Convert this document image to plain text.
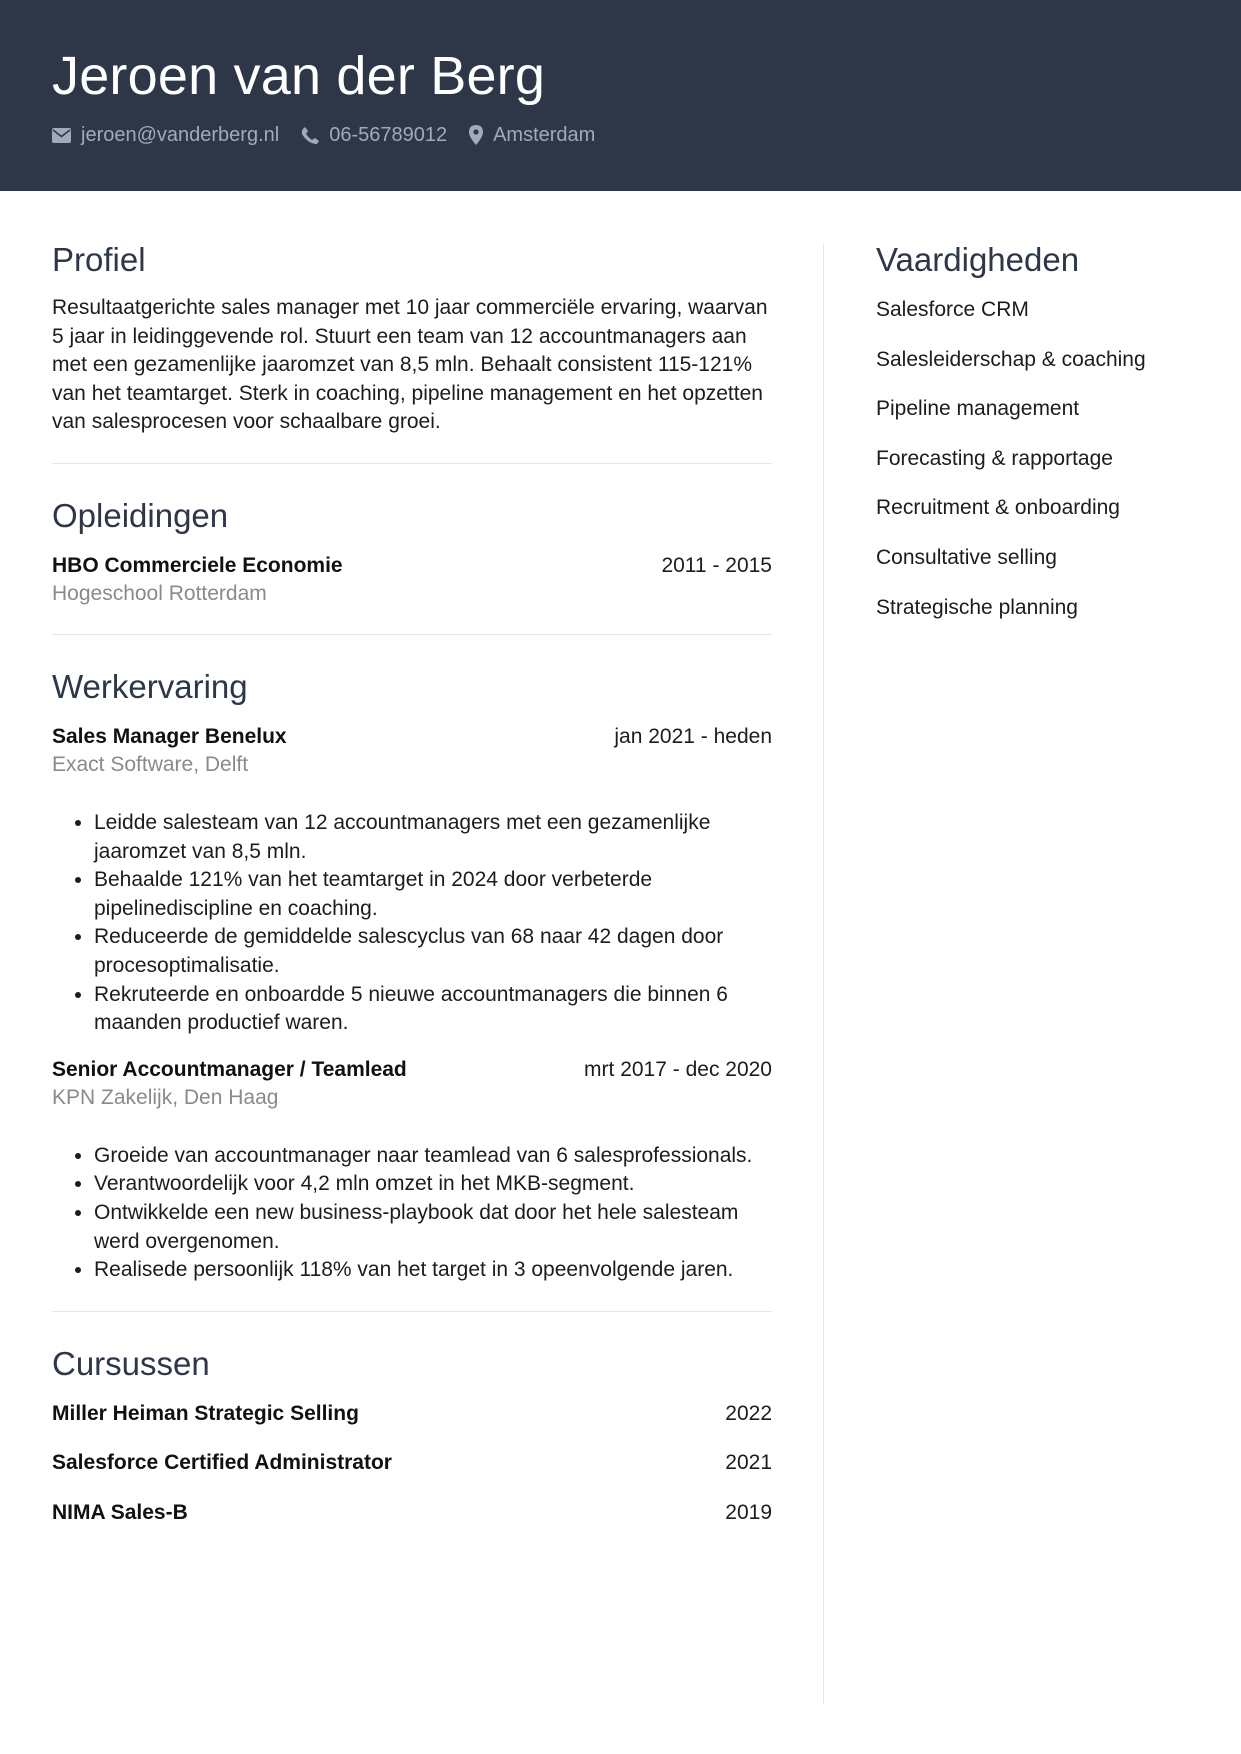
Jeroen van der Berg
jeroen@vanderberg.nl	06-56789012 Amsterdam
Profiel

Resultaatgerichte sales manager met 10 jaar commerciële ervaring, waarvan 5 jaar in leidinggevende rol. Stuurt een team van 12 accountmanagers aan met een gezamenlijke jaaromzet van 8,5 mln. Behaalt consistent 115-121% van het teamtarget. Sterk in coaching, pipeline management en het opzetten van salesprocesen voor schaalbare groei.

Opleidingen
HBO Commerciele Economie	2011 - 2015
Hogeschool Rotterdam
Werkervaring
Sales Manager Benelux	jan 2021 - heden
Exact Software, Delft
• Leidde salesteam van 12 accountmanagers met een gezamenlijke jaaromzet van 8,5 mln.
• Behaalde 121% van het teamtarget in 2024 door verbeterde pipelinediscipline en coaching.
• Reduceerde de gemiddelde salescyclus van 68 naar 42 dagen door procesoptimalisatie.
• Rekruteerde en onboardde 5 nieuwe accountmanagers die binnen 6 maanden productief waren.
Senior Accountmanager / Teamlead	mrt 2017 - dec 2020
KPN Zakelijk, Den Haag
• Groeide van accountmanager naar teamlead van 6 salesprofessionals.
• Verantwoordelijk voor 4,2 mln omzet in het MKB-segment.
• Ontwikkelde een new business-playbook dat door het hele salesteam werd overgenomen.
• Realisede persoonlijk 118% van het target in 3 opeenvolgende jaren.
Cursussen
Miller Heiman Strategic Selling	2022
Salesforce Certified Administrator	2021
NIMA Sales-B	2019
Vaardigheden
Salesforce CRM
Salesleiderschap & coaching
Pipeline management
Forecasting & rapportage
Recruitment & onboarding
Consultative selling
Strategische planning
